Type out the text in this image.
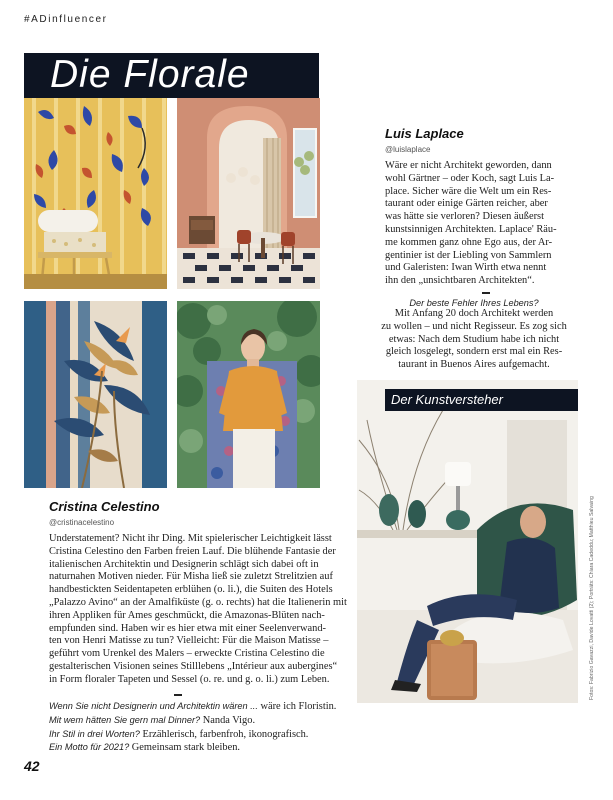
#ADinfluencer
Die Florale
Luis Laplace
@luislaplace

Wäre er nicht Architekt geworden, dann

wohl Gärtner – oder Koch, sagt Luis La-

place. Sicher wäre die Welt um ein Res-

taurant oder einige Gärten reicher, aber

was hätte sie verloren? Diesen äußerst

kunstsinnigen Architekten. Laplace' Räu-

me kommen ganz ohne Ego aus, der Ar-

gentinier ist der Liebling von Sammlern

und Galeristen: Iwan Wirth etwa nennt

ihn den „unsichtbaren Architekten“.

Der beste Fehler Ihres Lebens?

Mit Anfang 20 doch Architekt werden

zu wollen – und nicht Regisseur. Es zog sich

etwas: Nach dem Studium habe ich nicht

gleich losgelegt, sondern erst mal ein Res-

taurant in Buenos Aires aufgemacht.

Der Kunstversteher
Fotos: Fabrizio Gavazzi, Davide Lovatti (2); Porträts: Chiara Cadeddu; Matthieu Salvaing
Cristina Celestino
@cristinacelestino

Understatement? Nicht ihr Ding. Mit spielerischer Leichtigkeit lässt

Cristina Celestino den Farben freien Lauf. Die blühende Fantasie der

italienischen Architektin und Designerin schlägt sich dabei oft in

naturnahen Motiven nieder. Für Misha ließ sie zuletzt Strelitzien auf

handbestickten Seidentapeten erblühen (o. li.), die Suiten des Hotels

„Palazzo Avino“ an der Amalfiküste (g. o. rechts) hat die Italienerin mit

ihren Appliken für Ames geschmückt, die Amazonas-Blüten nach-

empfunden sind. Haben wir es hier etwa mit einer Seelenverwand-

ten von Henri Matisse zu tun? Vielleicht: Für die Maison Matisse –

geführt vom Urenkel des Malers – erweckte Cristina Celestino die

gestalterischen Visionen seines Stilllebens „Intérieur aux aubergines“

in Form floraler Tapeten und Sessel (o. re. und g. o. li.) zum Leben.

Wenn Sie nicht Designerin und Architektin wären ... wäre ich Floristin.

Mit wem hätten Sie gern mal Dinner? Nanda Vigo.

Ihr Stil in drei Worten? Erzählerisch, farbenfroh, ikonografisch.

Ein Motto für 2021? Gemeinsam stark bleiben.

42
